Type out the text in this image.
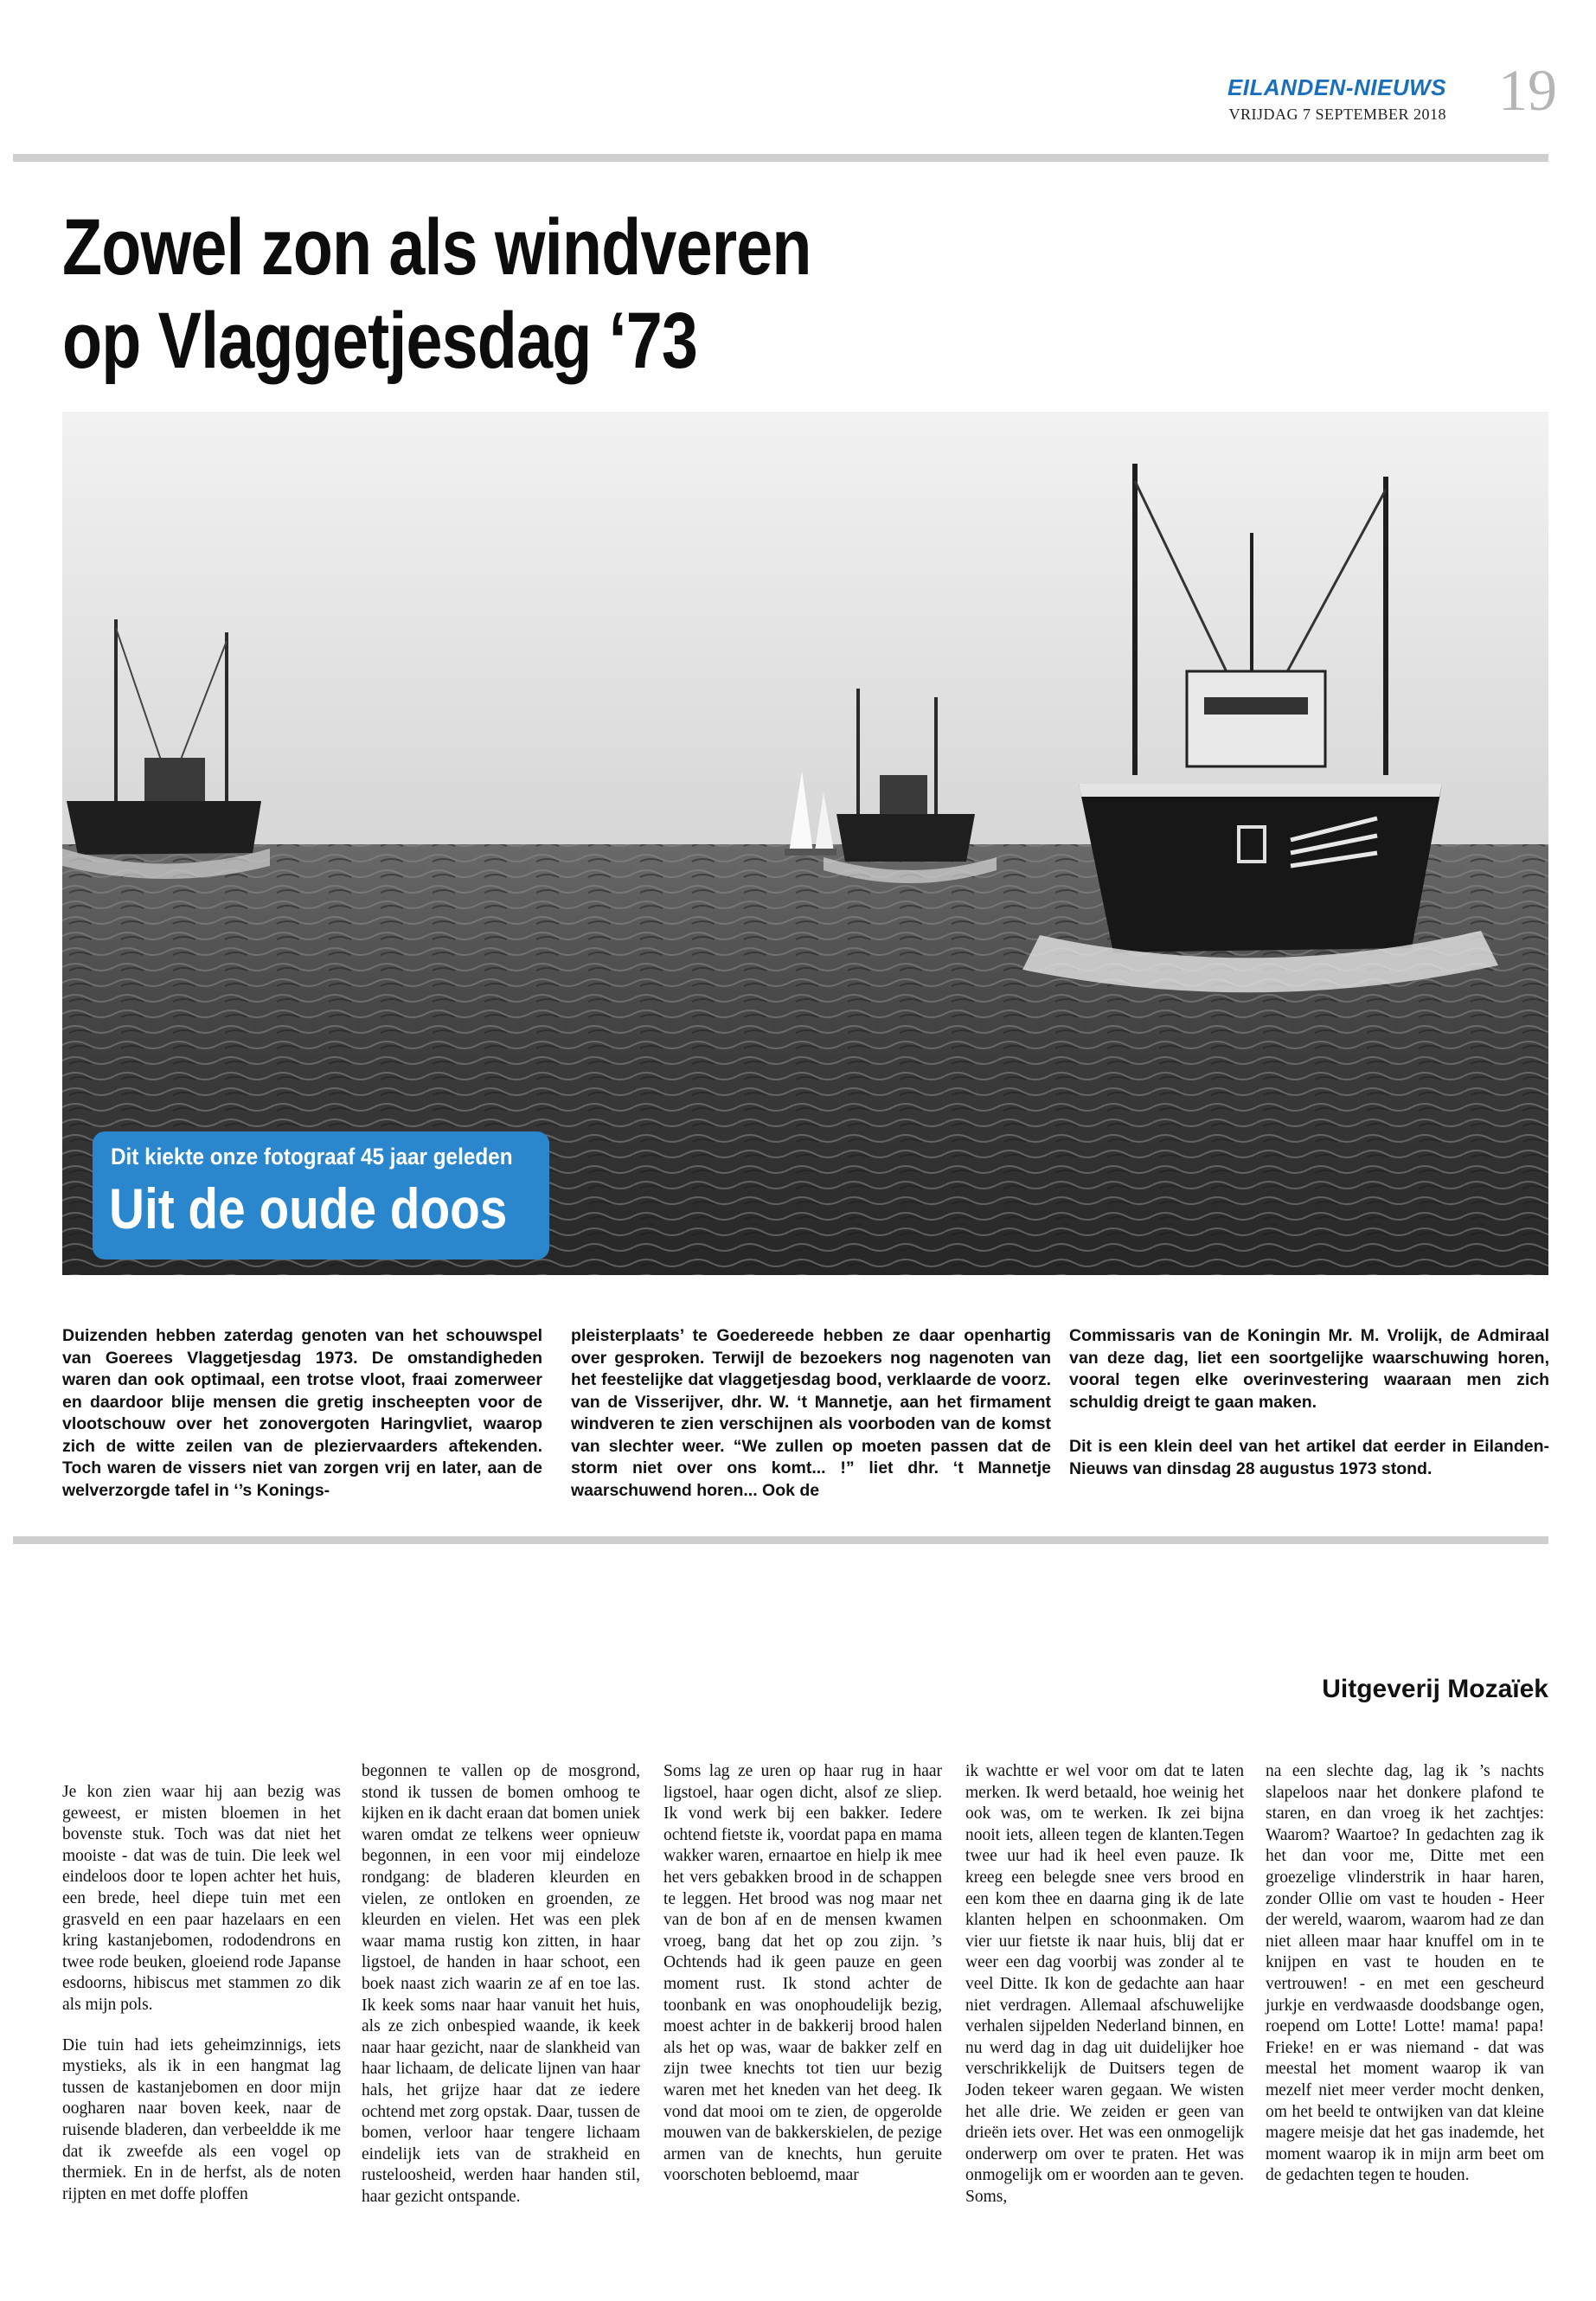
EILANDEN-NIEUWS
VRIJDAG 7 SEPTEMBER 2018 19
Zowel zon als windveren
op Vlaggetjesdag ‘73
Dit kiekte onze fotograaf 45 jaar geleden
Uit de oude doos

Duizenden hebben zaterdag genoten van het schouwspel van Goerees Vlaggetjesdag 1973. De omstandigheden waren dan ook optimaal, een trotse vloot, fraai zomerweer en daardoor blije mensen die gretig inscheepten voor de vlootschouw over het zonovergoten Haringvliet, waarop zich de witte zeilen van de pleziervaarders aftekenden. Toch waren de vissers niet van zorgen vrij en later, aan de welverzorgde tafel in ‘’s Konings-

pleisterplaats’ te Goedereede hebben ze daar openhartig over gesproken. Terwijl de bezoekers nog nagenoten van het feestelijke dat vlaggetjesdag bood, verklaarde de voorz. van de Visserijver, dhr. W. ‘t Mannetje, aan het firmament windveren te zien verschijnen als voorboden van de komst van slechter weer. “We zullen op moeten passen dat de storm niet over ons komt... !” liet dhr. ‘t Mannetje waarschuwend horen... Ook de

Commissaris van de Koningin Mr. M. Vrolijk, de Admiraal van deze dag, liet een soortgelijke waarschuwing horen, vooral tegen elke overinvestering waaraan men zich schuldig dreigt te gaan maken.

Dit is een klein deel van het artikel dat eerder in Eilanden-Nieuws van dinsdag 28 augustus 1973 stond.

Uitgeverij Mozaïek

Je kon zien waar hij aan bezig was geweest, er misten bloemen in het bovenste stuk. Toch was dat niet het mooiste - dat was de tuin. Die leek wel eindeloos door te lopen achter het huis, een brede, heel diepe tuin met een grasveld en een paar hazelaars en een kring kastanjebomen, rododendrons en twee rode beuken, gloeiend rode Japanse esdoorns, hibiscus met stammen zo dik als mijn pols.

Die tuin had iets geheimzinnigs, iets mystieks, als ik in een hangmat lag tussen de kastanjebomen en door mijn ooghаren naar boven keek, naar de ruisende bladeren, dan verbeeldde ik me dat ik zweefde als een vogel op thermiek. En in de herfst, als de noten rijpten en met doffe ploffen

begonnen te vallen op de mosgrond, stond ik tussen de bomen omhoog te kijken en ik dacht eraan dat bomen uniek waren omdat ze telkens weer opnieuw begonnen, in een voor mij eindeloze rondgang: de bladeren kleurden en vielen, ze ontloken en groenden, ze kleurden en vielen. Het was een plek waar mama rustig kon zitten, in haar ligstoel, de handen in haar schoot, een boek naast zich waarin ze af en toe las. Ik keek soms naar haar vanuit het huis, als ze zich onbespied waande, ik keek naar haar gezicht, naar de slankheid van haar lichaam, de delicate lijnen van haar hals, het grijze haar dat ze iedere ochtend met zorg opstak. Daar, tussen de bomen, verloor haar tengere lichaam eindelijk iets van de strakheid en rusteloosheid, werden haar handen stil, haar gezicht ontspande.

Soms lag ze uren op haar rug in haar ligstoel, haar ogen dicht, alsof ze sliep. Ik vond werk bij een bakker. Iedere ochtend fietste ik, voordat papa en mama wakker waren, ernaartoe en hielp ik mee het vers gebakken brood in de schappen te leggen. Het brood was nog maar net van de bon af en de mensen kwamen vroeg, bang dat het op zou zijn. ’s Ochtends had ik geen pauze en geen moment rust. Ik stond achter de toonbank en was onophoudelijk bezig, moest achter in de bakkerij brood halen als het op was, waar de bakker zelf en zijn twee knechts tot tien uur bezig waren met het kneden van het deeg. Ik vond dat mooi om te zien, de opgerolde mouwen van de bakkerskielen, de pezige armen van de knechts, hun geruite voorschoten bebloemd, maar

ik wachtte er wel voor om dat te laten merken. Ik werd betaald, hoe weinig het ook was, om te werken. Ik zei bijna nooit iets, alleen tegen de klanten.Tegen twee uur had ik heel even pauze. Ik kreeg een belegde snee vers brood en een kom thee en daarna ging ik de late klanten helpen en schoonmaken. Om vier uur fietste ik naar huis, blij dat er weer een dag voorbij was zonder al te veel Ditte. Ik kon de gedachte aan haar niet verdragen. Allemaal afschuwelijke verhalen sijpelden Nederland binnen, en nu werd dag in dag uit duidelijker hoe verschrikkelijk de Duitsers tegen de Joden tekeer waren gegaan. We wisten het alle drie. We zeiden er geen van drieën iets over. Het was een onmogelijk onderwerp om over te praten. Het was onmogelijk om er woorden aan te geven. Soms,

na een slechte dag, lag ik ’s nachts slapeloos naar het donkere plafond te staren, en dan vroeg ik het zachtjes: Waarom? Waartoe? In gedachten zag ik het dan voor me, Ditte met een groezelige vlinderstrik in haar haren, zonder Ollie om vast te houden - Heer der wereld, waarom, waarom had ze dan niet alleen maar haar knuffel om in te knijpen en vast te houden en te vertrouwen! - en met een gescheurd jurkje en verdwaasde doodsbange ogen, roepend om Lotte! Lotte! mama! papa! Frieke! en er was niemand - dat was meestal het moment waarop ik van mezelf niet meer verder mocht denken, om het beeld te ontwijken van dat kleine magere meisje dat het gas inademde, het moment waarop ik in mijn arm beet om de gedachten tegen te houden.
